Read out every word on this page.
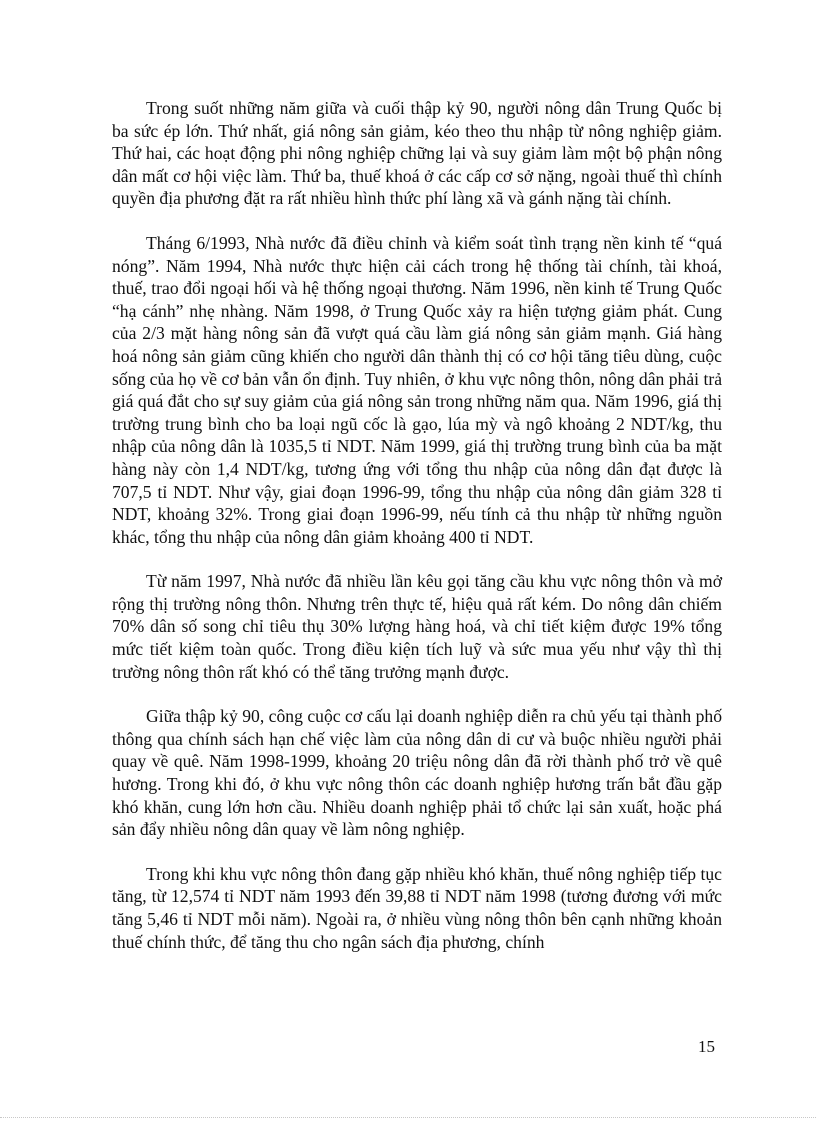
Trong suốt những năm giữa và cuối thập kỷ 90, người nông dân Trung Quốc bị ba sức ép lớn. Thứ nhất, giá nông sản giảm, kéo theo thu nhập từ nông nghiệp giảm. Thứ hai, các hoạt động phi nông nghiệp chững lại và suy giảm làm một bộ phận nông dân mất cơ hội việc làm. Thứ ba, thuế khoá ở các cấp cơ sở nặng, ngoài thuế thì chính quyền địa phương đặt ra rất nhiều hình thức phí làng xã và gánh nặng tài chính.

Tháng 6/1993, Nhà nước đã điều chỉnh và kiểm soát tình trạng nền kinh tế “quá nóng”. Năm 1994, Nhà nước thực hiện cải cách trong hệ thống tài chính, tài khoá, thuế, trao đổi ngoại hối và hệ thống ngoại thương. Năm 1996, nền kinh tế Trung Quốc “hạ cánh” nhẹ nhàng. Năm 1998, ở Trung Quốc xảy ra hiện tượng giảm phát. Cung của 2/3 mặt hàng nông sản đã vượt quá cầu làm giá nông sản giảm mạnh. Giá hàng hoá nông sản giảm cũng khiến cho người dân thành thị có cơ hội tăng tiêu dùng, cuộc sống của họ về cơ bản vẫn ổn định. Tuy nhiên, ở khu vực nông thôn, nông dân phải trả giá quá đắt cho sự suy giảm của giá nông sản trong những năm qua. Năm 1996, giá thị trường trung bình cho ba loại ngũ cốc là gạo, lúa mỳ và ngô khoảng 2 NDT/kg, thu nhập của nông dân là 1035,5 tỉ NDT. Năm 1999, giá thị trường trung bình của ba mặt hàng này còn 1,4 NDT/kg, tương ứng với tổng thu nhập của nông dân đạt được là 707,5 tỉ NDT. Như vậy, giai đoạn 1996-99, tổng thu nhập của nông dân giảm 328 tỉ NDT, khoảng 32%. Trong giai đoạn 1996-99, nếu tính cả thu nhập từ những nguồn khác, tổng thu nhập của nông dân giảm khoảng 400 tỉ NDT.

Từ năm 1997, Nhà nước đã nhiều lần kêu gọi tăng cầu khu vực nông thôn và mở rộng thị trường nông thôn. Nhưng trên thực tế, hiệu quả rất kém. Do nông dân chiếm 70% dân số song chỉ tiêu thụ 30% lượng hàng hoá, và chỉ tiết kiệm được 19% tổng mức tiết kiệm toàn quốc. Trong điều kiện tích luỹ và sức mua yếu như vậy thì thị trường nông thôn rất khó có thể tăng trưởng mạnh được.

Giữa thập kỷ 90, công cuộc cơ cấu lại doanh nghiệp diễn ra chủ yếu tại thành phố thông qua chính sách hạn chế việc làm của nông dân di cư và buộc nhiều người phải quay về quê. Năm 1998-1999, khoảng 20 triệu nông dân đã rời thành phố trở về quê hương. Trong khi đó, ở khu vực nông thôn các doanh nghiệp hương trấn bắt đầu gặp khó khăn, cung lớn hơn cầu. Nhiều doanh nghiệp phải tổ chức lại sản xuất, hoặc phá sản đẩy nhiều nông dân quay về làm nông nghiệp.

Trong khi khu vực nông thôn đang gặp nhiều khó khăn, thuế nông nghiệp tiếp tục tăng, từ 12,574 tỉ NDT năm 1993 đến 39,88 tỉ NDT năm 1998 (tương đương với mức tăng 5,46 tỉ NDT mỗi năm). Ngoài ra, ở nhiều vùng nông thôn bên cạnh những khoản thuế chính thức, để tăng thu cho ngân sách địa phương, chính

15
